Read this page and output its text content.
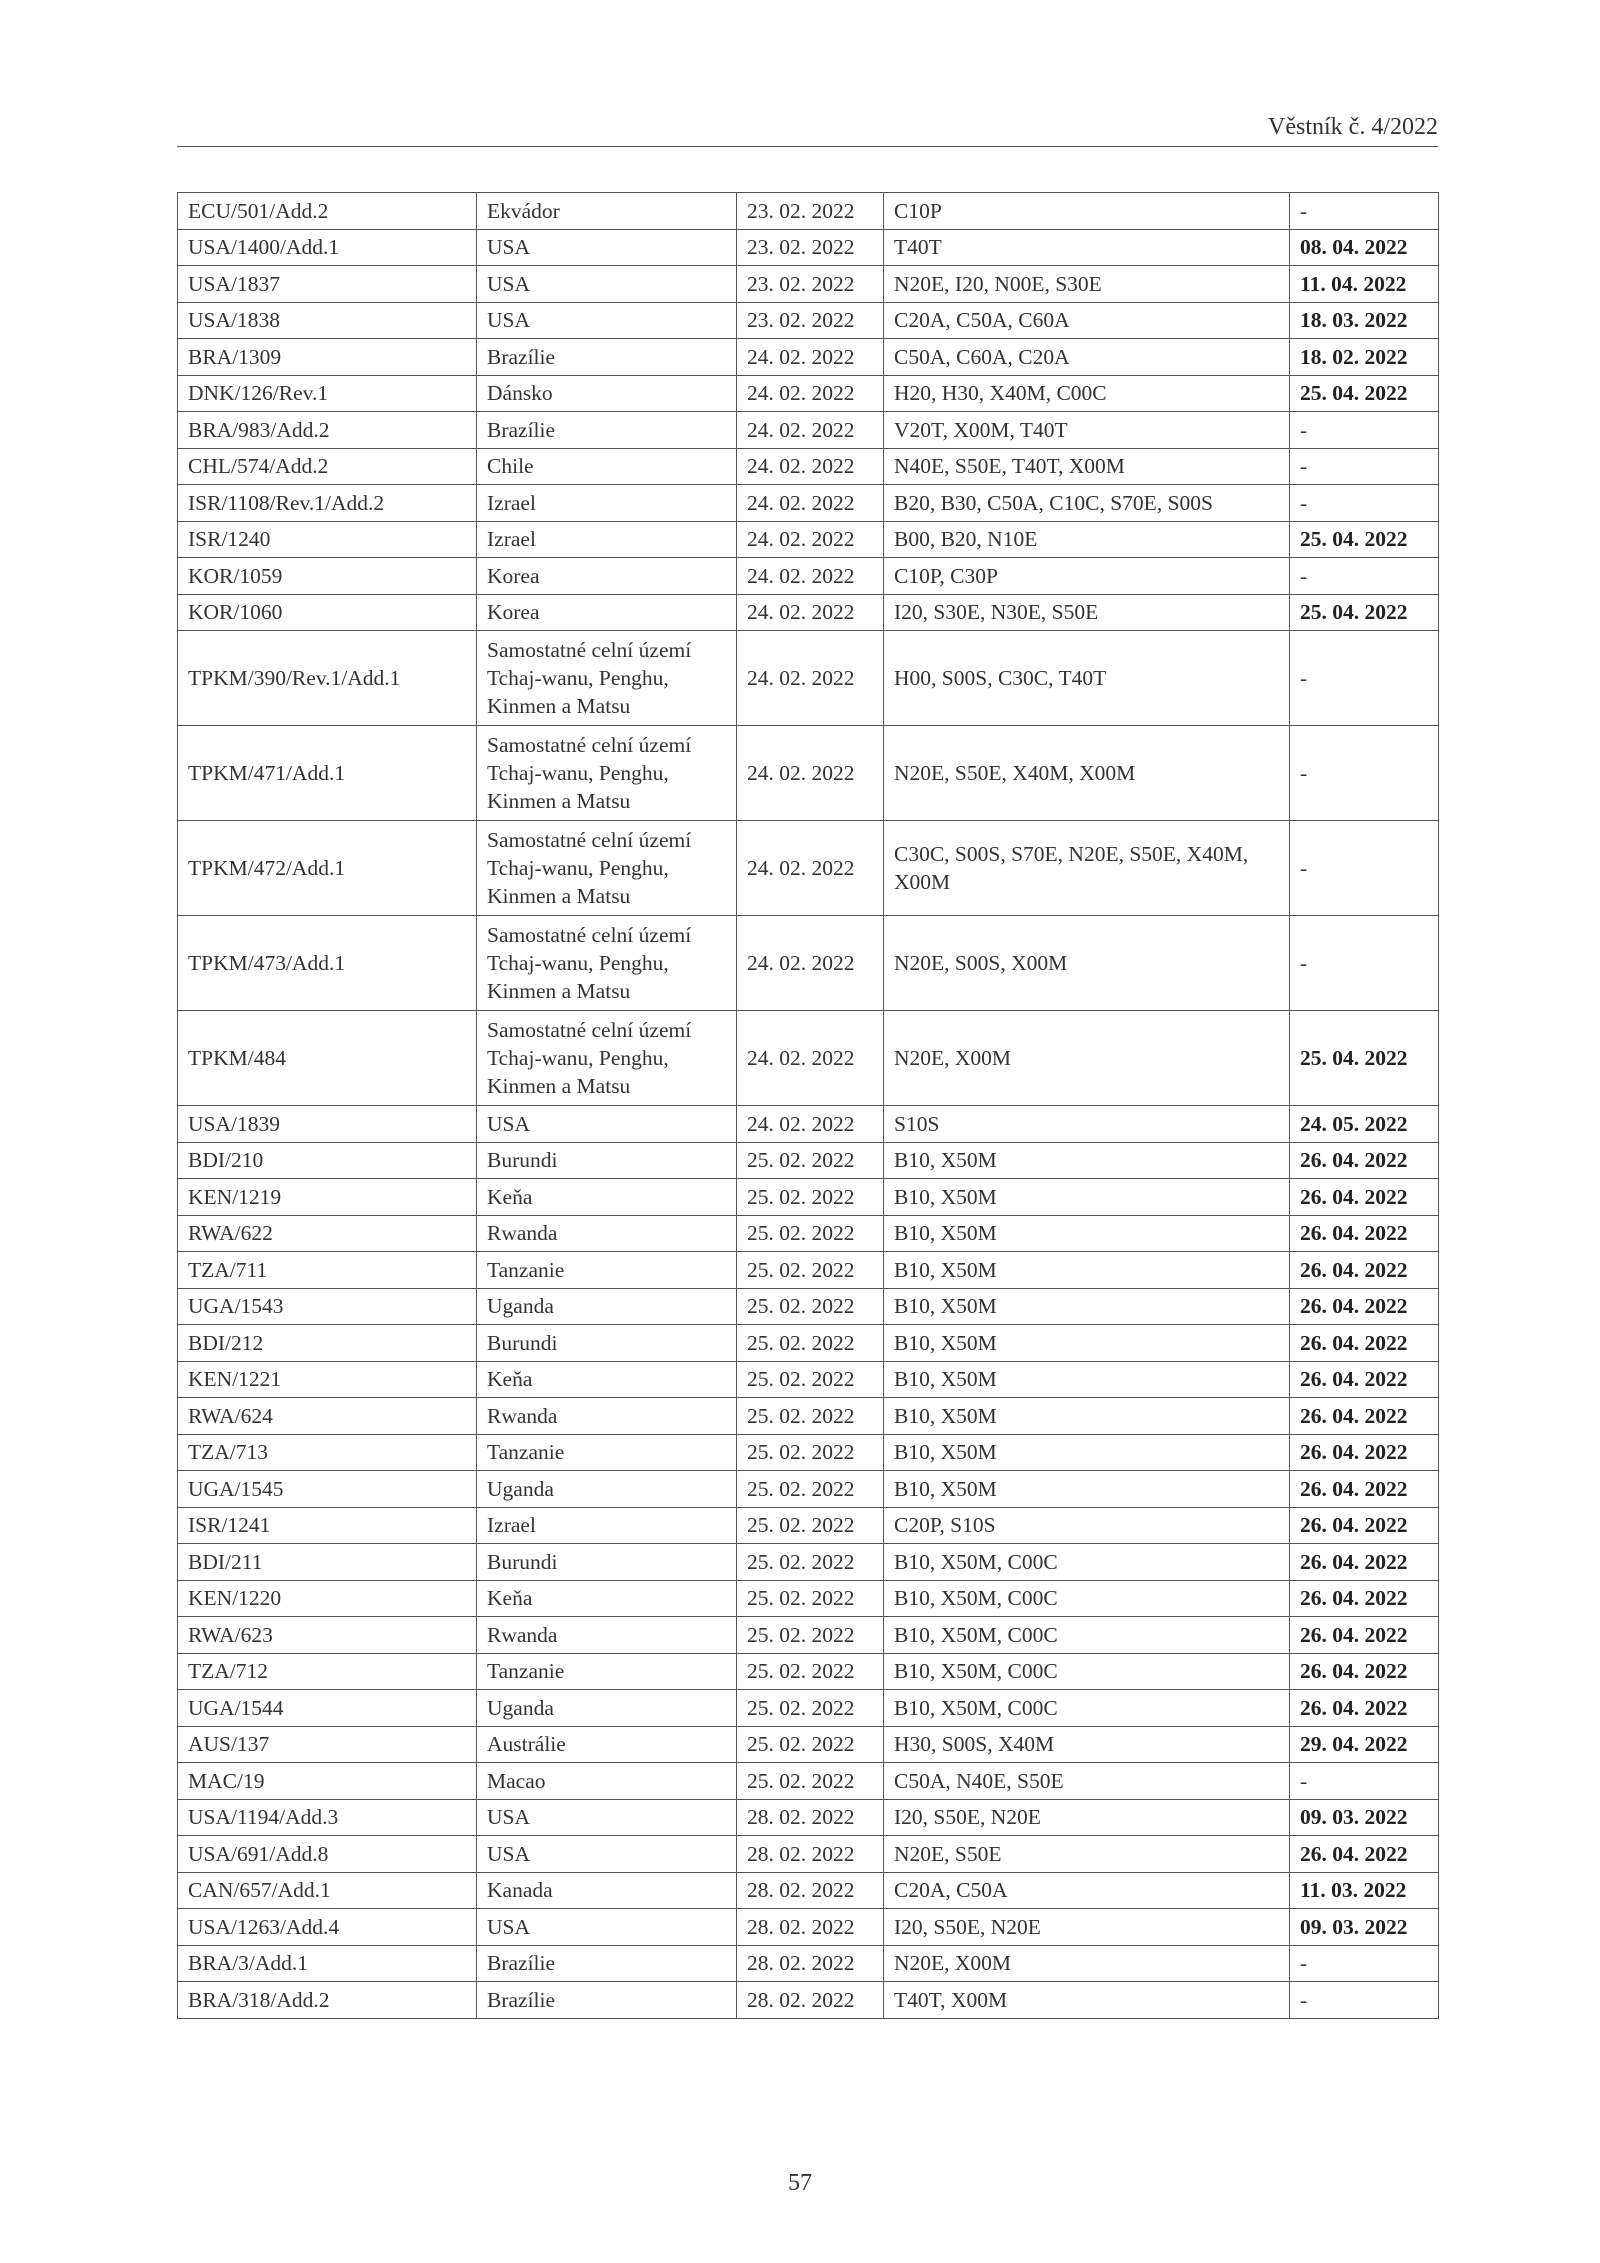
Věstník č. 4/2022
ECU/501/Add.2	Ekvádor	23. 02. 2022	C10P	-
USA/1400/Add.1	USA	23. 02. 2022	T40T	08. 04. 2022
USA/1837	USA	23. 02. 2022	N20E, I20, N00E, S30E	11. 04. 2022
USA/1838	USA	23. 02. 2022	C20A, C50A, C60A	18. 03. 2022
BRA/1309	Brazílie	24. 02. 2022	C50A, C60A, C20A	18. 02. 2022
DNK/126/Rev.1	Dánsko	24. 02. 2022	H20, H30, X40M, C00C	25. 04. 2022
BRA/983/Add.2	Brazílie	24. 02. 2022	V20T, X00M, T40T	-
CHL/574/Add.2	Chile	24. 02. 2022	N40E, S50E, T40T, X00M	-
ISR/1108/Rev.1/Add.2	Izrael	24. 02. 2022	B20, B30, C50A, C10C, S70E, S00S	-
ISR/1240	Izrael	24. 02. 2022	B00, B20, N10E	25. 04. 2022
KOR/1059	Korea	24. 02. 2022	C10P, C30P	-
KOR/1060	Korea	24. 02. 2022	I20, S30E, N30E, S50E	25. 04. 2022
TPKM/390/Rev.1/Add.1	Samostatné celní území Tchaj-wanu, Penghu, Kinmen a Matsu	24. 02. 2022	H00, S00S, C30C, T40T	-
TPKM/471/Add.1	Samostatné celní území Tchaj-wanu, Penghu, Kinmen a Matsu	24. 02. 2022	N20E, S50E, X40M, X00M	-
TPKM/472/Add.1	Samostatné celní území Tchaj-wanu, Penghu, Kinmen a Matsu	24. 02. 2022	C30C, S00S, S70E, N20E, S50E, X40M, X00M	-
TPKM/473/Add.1	Samostatné celní území Tchaj-wanu, Penghu, Kinmen a Matsu	24. 02. 2022	N20E, S00S, X00M	-
TPKM/484	Samostatné celní území Tchaj-wanu, Penghu, Kinmen a Matsu	24. 02. 2022	N20E, X00M	25. 04. 2022
USA/1839	USA	24. 02. 2022	S10S	24. 05. 2022
BDI/210	Burundi	25. 02. 2022	B10, X50M	26. 04. 2022
KEN/1219	Keňa	25. 02. 2022	B10, X50M	26. 04. 2022
RWA/622	Rwanda	25. 02. 2022	B10, X50M	26. 04. 2022
TZA/711	Tanzanie	25. 02. 2022	B10, X50M	26. 04. 2022
UGA/1543	Uganda	25. 02. 2022	B10, X50M	26. 04. 2022
BDI/212	Burundi	25. 02. 2022	B10, X50M	26. 04. 2022
KEN/1221	Keňa	25. 02. 2022	B10, X50M	26. 04. 2022
RWA/624	Rwanda	25. 02. 2022	B10, X50M	26. 04. 2022
TZA/713	Tanzanie	25. 02. 2022	B10, X50M	26. 04. 2022
UGA/1545	Uganda	25. 02. 2022	B10, X50M	26. 04. 2022
ISR/1241	Izrael	25. 02. 2022	C20P, S10S	26. 04. 2022
BDI/211	Burundi	25. 02. 2022	B10, X50M, C00C	26. 04. 2022
KEN/1220	Keňa	25. 02. 2022	B10, X50M, C00C	26. 04. 2022
RWA/623	Rwanda	25. 02. 2022	B10, X50M, C00C	26. 04. 2022
TZA/712	Tanzanie	25. 02. 2022	B10, X50M, C00C	26. 04. 2022
UGA/1544	Uganda	25. 02. 2022	B10, X50M, C00C	26. 04. 2022
AUS/137	Austrálie	25. 02. 2022	H30, S00S, X40M	29. 04. 2022
MAC/19	Macao	25. 02. 2022	C50A, N40E, S50E	-
USA/1194/Add.3	USA	28. 02. 2022	I20, S50E, N20E	09. 03. 2022
USA/691/Add.8	USA	28. 02. 2022	N20E, S50E	26. 04. 2022
CAN/657/Add.1	Kanada	28. 02. 2022	C20A, C50A	11. 03. 2022
USA/1263/Add.4	USA	28. 02. 2022	I20, S50E, N20E	09. 03. 2022
BRA/3/Add.1	Brazílie	28. 02. 2022	N20E, X00M	-
BRA/318/Add.2	Brazílie	28. 02. 2022	T40T, X00M	-
57
